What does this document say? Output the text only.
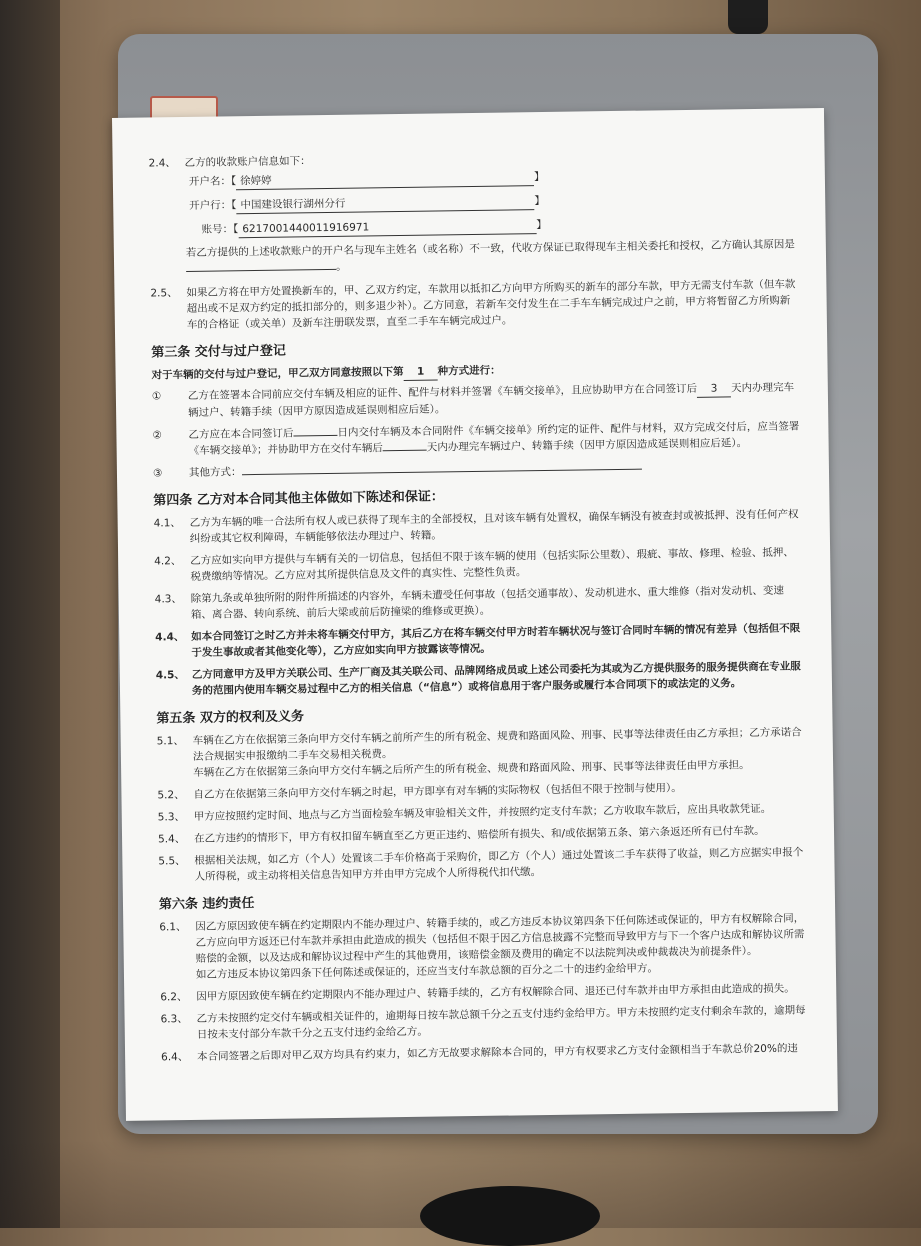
2.4、 乙方的收款账户信息如下：
开户名：【 徐婷婷	】
开户行：【 中国建设银行湖州分行	】
账号：【 6217001440011916971	】
若乙方提供的上述收款账户的开户名与现车主姓名（或名称）不一致，代收方保证已取得现车主相关委托和授权，乙方确认其原因是。
2.5、 如果乙方将在甲方处置换新车的，甲、乙双方约定，车款用以抵扣乙方向甲方所购买的新车的部分车款，甲方无需支付车款（但车款超出或不足双方约定的抵扣部分的，则多退少补）。乙方同意，若新车交付发生在二手车车辆完成过户之前，甲方将暂留乙方所购新车的合格证（或关单）及新车注册联发票，直至二手车车辆完成过户。
第三条 交付与过户登记
对于车辆的交付与过户登记，甲乙双方同意按照以下第 1 种方式进行：
①	乙方在签署本合同前应交付车辆及相应的证件、配件与材料并签署《车辆交接单》，且应协助甲方在合同签订后 3 天内办理完车辆过户、转籍手续（因甲方原因造成延误则相应后延）。
②	乙方应在本合同签订后	日内交付车辆及本合同附件《车辆交接单》所约定的证件、配件与材料，双方完成交付后，应当签署《车辆交接单》；并协助甲方在交付车辆后	天内办理完车辆过户、转籍手续（因甲方原因造成延误则相应后延）。
③	其他方式：
第四条 乙方对本合同其他主体做如下陈述和保证：
4.1、 乙方为车辆的唯一合法所有权人或已获得了现车主的全部授权，且对该车辆有处置权，确保车辆没有被查封或被抵押、没有任何产权纠纷或其它权利障碍，车辆能够依法办理过户、转籍。
4.2、 乙方应如实向甲方提供与车辆有关的一切信息，包括但不限于该车辆的使用（包括实际公里数）、瑕疵、事故、修理、检验、抵押、税费缴纳等情况。乙方应对其所提供信息及文件的真实性、完整性负责。
4.3、 除第九条或单独所附的附件所描述的内容外，车辆未遭受任何事故（包括交通事故）、发动机进水、重大维修（指对发动机、变速箱、离合器、转向系统、前后大梁或前后防撞梁的维修或更换）。
4.4、 如本合同签订之时乙方并未将车辆交付甲方，其后乙方在将车辆交付甲方时若车辆状况与签订合同时车辆的情况有差异（包括但不限于发生事故或者其他变化等），乙方应如实向甲方披露该等情况。
4.5、 乙方同意甲方及甲方关联公司、生产厂商及其关联公司、品牌网络成员或上述公司委托为其或为乙方提供服务的服务提供商在专业服务的范围内使用车辆交易过程中乙方的相关信息（“信息”）或将信息用于客户服务或履行本合同项下的或法定的义务。
第五条 双方的权利及义务
5.1、 车辆在乙方在依据第三条向甲方交付车辆之前所产生的所有税金、规费和路面风险、刑事、民事等法律责任由乙方承担；乙方承诺合法合规据实申报缴纳二手车交易相关税费。
车辆在乙方在依据第三条向甲方交付车辆之后所产生的所有税金、规费和路面风险、刑事、民事等法律责任由甲方承担。
5.2、 自乙方在依据第三条向甲方交付车辆之时起，甲方即享有对车辆的实际物权（包括但不限于控制与使用）。
5.3、 甲方应按照约定时间、地点与乙方当面检验车辆及审验相关文件，并按照约定支付车款；乙方收取车款后，应出具收款凭证。
5.4、 在乙方违约的情形下，甲方有权扣留车辆直至乙方更正违约、赔偿所有损失、和/或依据第五条、第六条返还所有已付车款。
5.5、 根据相关法规，如乙方（个人）处置该二手车价格高于采购价，即乙方（个人）通过处置该二手车获得了收益，则乙方应据实申报个人所得税，或主动将相关信息告知甲方并由甲方完成个人所得税代扣代缴。
第六条 违约责任
6.1、 因乙方原因致使车辆在约定期限内不能办理过户、转籍手续的，或乙方违反本协议第四条下任何陈述或保证的，甲方有权解除合同，乙方应向甲方返还已付车款并承担由此造成的损失（包括但不限于因乙方信息披露不完整而导致甲方与下一个客户达成和解协议所需赔偿的金额，以及达成和解协议过程中产生的其他费用，该赔偿金额及费用的确定不以法院判决或仲裁裁决为前提条件）。
如乙方违反本协议第四条下任何陈述或保证的，还应当支付车款总额的百分之二十的违约金给甲方。
6.2、 因甲方原因致使车辆在约定期限内不能办理过户、转籍手续的，乙方有权解除合同、退还已付车款并由甲方承担由此造成的损失。
6.3、 乙方未按照约定交付车辆或相关证件的，逾期每日按车款总额千分之五支付违约金给甲方。甲方未按照约定支付剩余车款的，逾期每日按未支付部分车款千分之五支付违约金给乙方。
6.4、 本合同签署之后即对甲乙双方均具有约束力，如乙方无故要求解除本合同的，甲方有权要求乙方支付金额相当于车款总价20%的违
